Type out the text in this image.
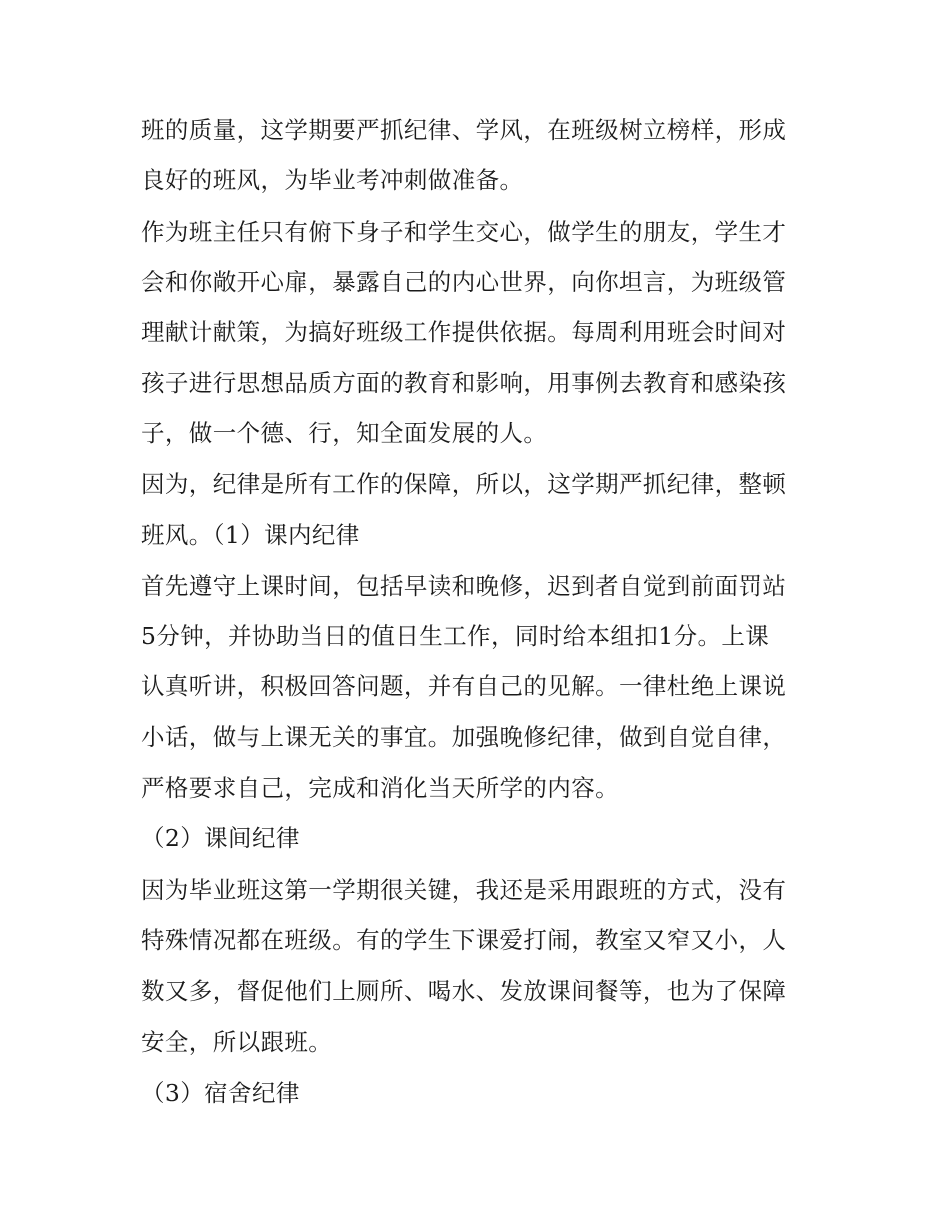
班的质量，这学期要严抓纪律、学风，在班级树立榜样，形成
良好的班风，为毕业考冲刺做准备。
作为班主任只有俯下身子和学生交心，做学生的朋友，学生才
会和你敞开心扉，暴露自己的内心世界，向你坦言，为班级管
理献计献策，为搞好班级工作提供依据。每周利用班会时间对
孩子进行思想品质方面的教育和影响，用事例去教育和感染孩
子，做一个德、行，知全面发展的人。
因为，纪律是所有工作的保障，所以，这学期严抓纪律，整顿
班风。（1）课内纪律
首先遵守上课时间，包括早读和晚修，迟到者自觉到前面罚站
5分钟，并协助当日的值日生工作，同时给本组扣1分。上课
认真听讲，积极回答问题，并有自己的见解。一律杜绝上课说
小话，做与上课无关的事宜。加强晚修纪律，做到自觉自律，
严格要求自己，完成和消化当天所学的内容。
（2）课间纪律
因为毕业班这第一学期很关键，我还是采用跟班的方式，没有
特殊情况都在班级。有的学生下课爱打闹，教室又窄又小，人
数又多，督促他们上厕所、喝水、发放课间餐等，也为了保障
安全，所以跟班。
（3）宿舍纪律
